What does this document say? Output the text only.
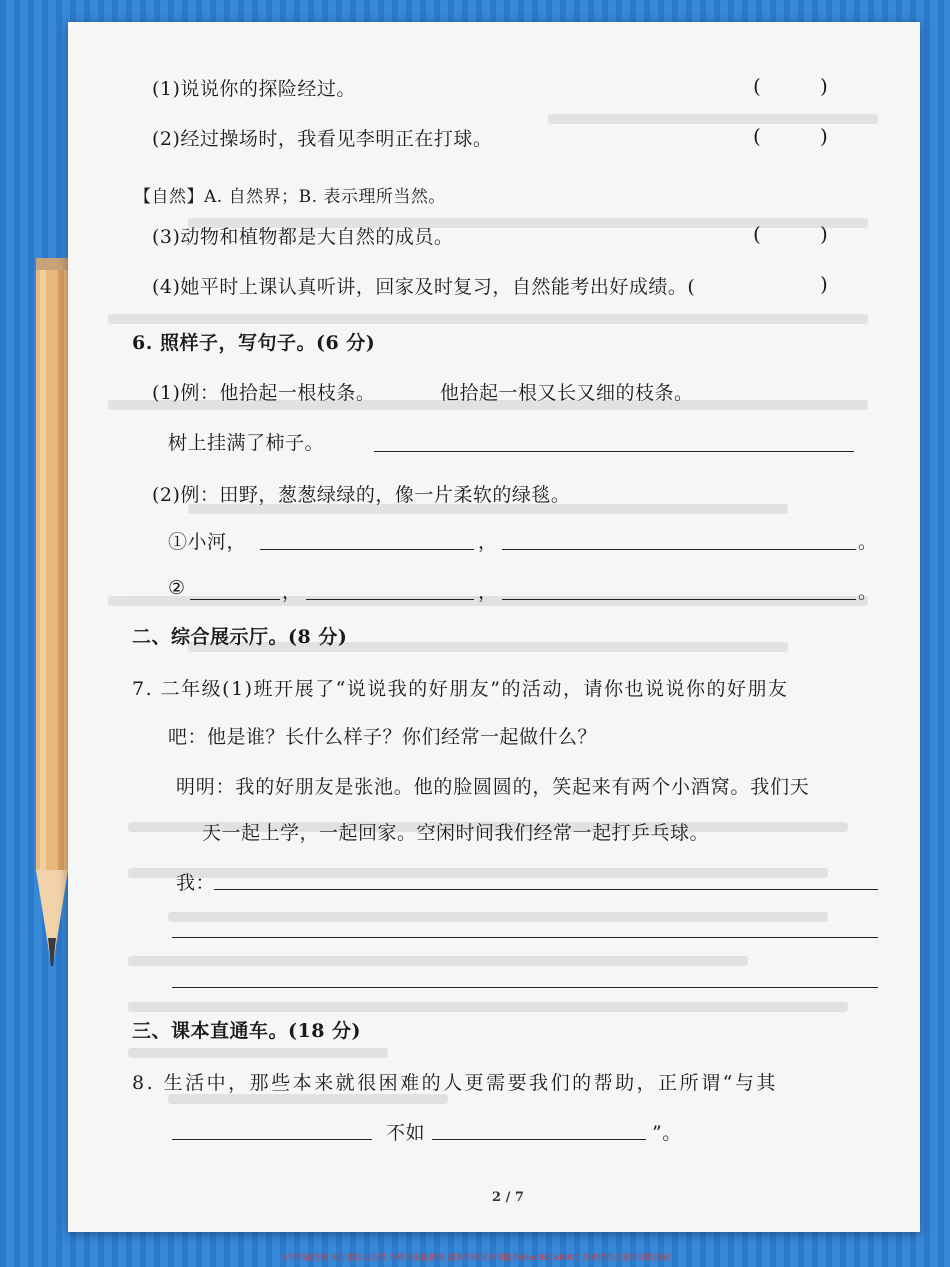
(1)说说你的探险经过。	(	)
(2)经过操场时，我看见李明正在打球。	(	)
【自然】A. 自然界；B. 表示理所当然。
(3)动物和植物都是大自然的成员。	(	)
(4)她平时上课认真听讲，回家及时复习，自然能考出好成绩。(	)
6. 照样子，写句子。(6 分)
(1)例：他拾起一根枝条。	他拾起一根又长又细的枝条。
树上挂满了柿子。
(2)例：田野，葱葱绿绿的，像一片柔软的绿毯。
①小河，	，	。
②	，	，	。
二、综合展示厅。(8 分)
7. 二年级(1)班开展了“说说我的好朋友”的活动，请你也说说你的好朋友
吧：他是谁？长什么样子？你们经常一起做什么？
明明：我的好朋友是张池。他的脸圆圆的，笑起来有两个小酒窝。我们天
天一起上学，一起回家。空闲时间我们经常一起打乒乓球。
我：
三、课本直通车。(18 分)
8. 生活中，那些本来就很困难的人更需要我们的帮助，正所谓“与其
不如	”。
2 / 7
小学学霸资料 关注微信公众号 专属无限提供学 超多资料更多请联系shen88168007 免费提供主要打印版资料
